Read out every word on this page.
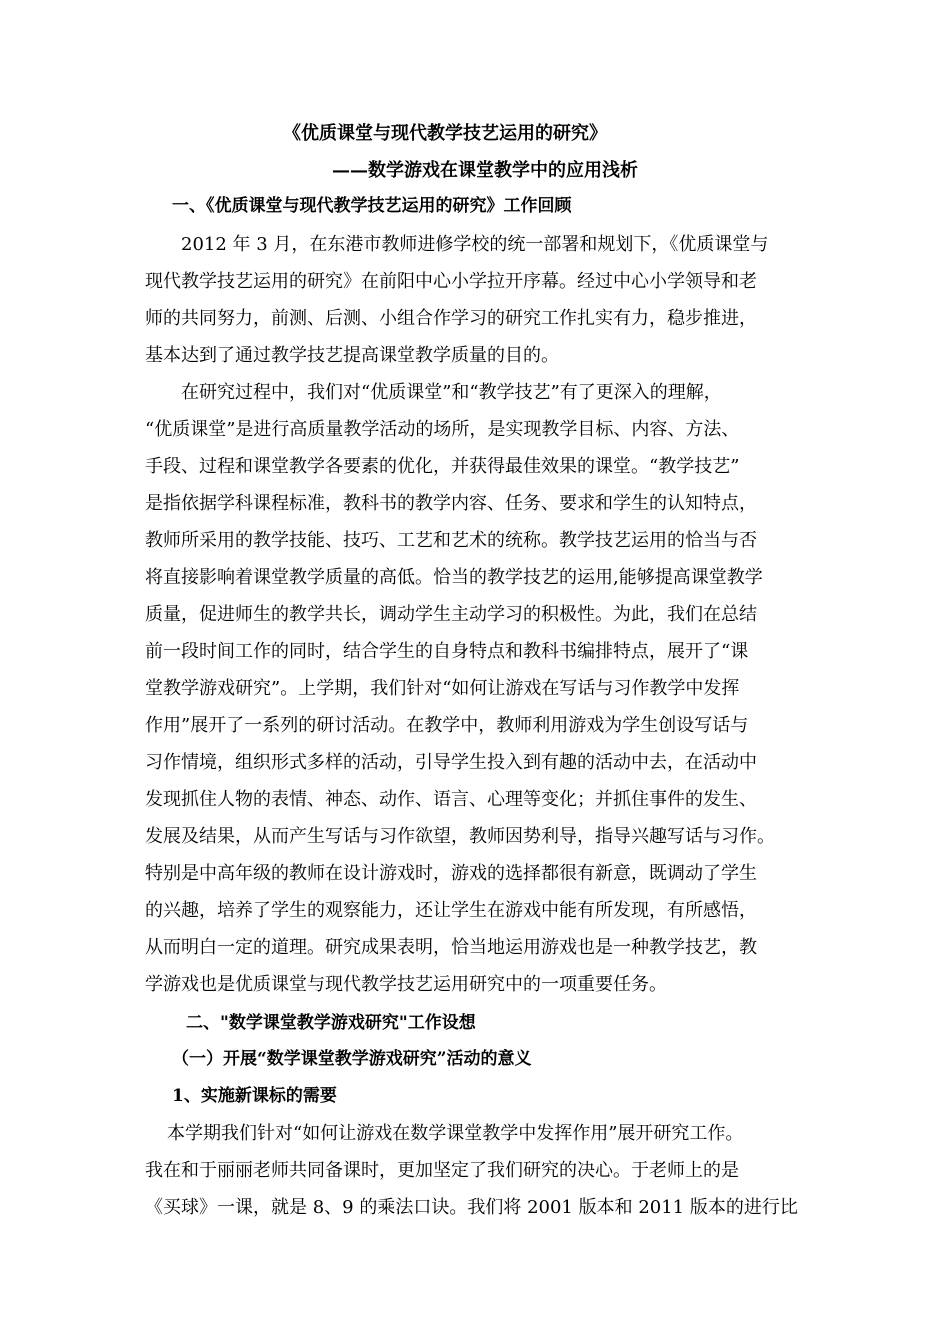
《优质课堂与现代教学技艺运用的研究》
——数学游戏在课堂教学中的应用浅析
一、《优质课堂与现代教学技艺运用的研究》工作回顾
2012 年 3 月，在东港市教师进修学校的统一部署和规划下，《优质课堂与
现代教学技艺运用的研究》在前阳中心小学拉开序幕。经过中心小学领导和老
师的共同努力，前测、后测、小组合作学习的研究工作扎实有力，稳步推进，
基本达到了通过教学技艺提高课堂教学质量的目的。
在研究过程中，我们对“优质课堂”和“教学技艺”有了更深入的理解，
“优质课堂”是进行高质量教学活动的场所，是实现教学目标、内容、方法、
手段、过程和课堂教学各要素的优化，并获得最佳效果的课堂。“教学技艺”
是指依据学科课程标准，教科书的教学内容、任务、要求和学生的认知特点，
教师所采用的教学技能、技巧、工艺和艺术的统称。教学技艺运用的恰当与否
将直接影响着课堂教学质量的高低。恰当的教学技艺的运用,能够提高课堂教学
质量，促进师生的教学共长，调动学生主动学习的积极性。为此，我们在总结
前一段时间工作的同时，结合学生的自身特点和教科书编排特点，展开了“课
堂教学游戏研究”。上学期，我们针对“如何让游戏在写话与习作教学中发挥
作用”展开了一系列的研讨活动。在教学中，教师利用游戏为学生创设写话与
习作情境，组织形式多样的活动，引导学生投入到有趣的活动中去，在活动中
发现抓住人物的表情、神态、动作、语言、心理等变化；并抓住事件的发生、
发展及结果，从而产生写话与习作欲望，教师因势利导，指导兴趣写话与习作。
特别是中高年级的教师在设计游戏时，游戏的选择都很有新意，既调动了学生
的兴趣，培养了学生的观察能力，还让学生在游戏中能有所发现，有所感悟，
从而明白一定的道理。研究成果表明，恰当地运用游戏也是一种教学技艺，教
学游戏也是优质课堂与现代教学技艺运用研究中的一项重要任务。
二、"数学课堂教学游戏研究"工作设想
（一）开展“数学课堂教学游戏研究”活动的意义
1、实施新课标的需要
本学期我们针对“如何让游戏在数学课堂教学中发挥作用”展开研究工作。
我在和于丽丽老师共同备课时，更加坚定了我们研究的决心。于老师上的是
《买球》一课，就是 8、9 的乘法口诀。我们将 2001 版本和 2011 版本的进行比
